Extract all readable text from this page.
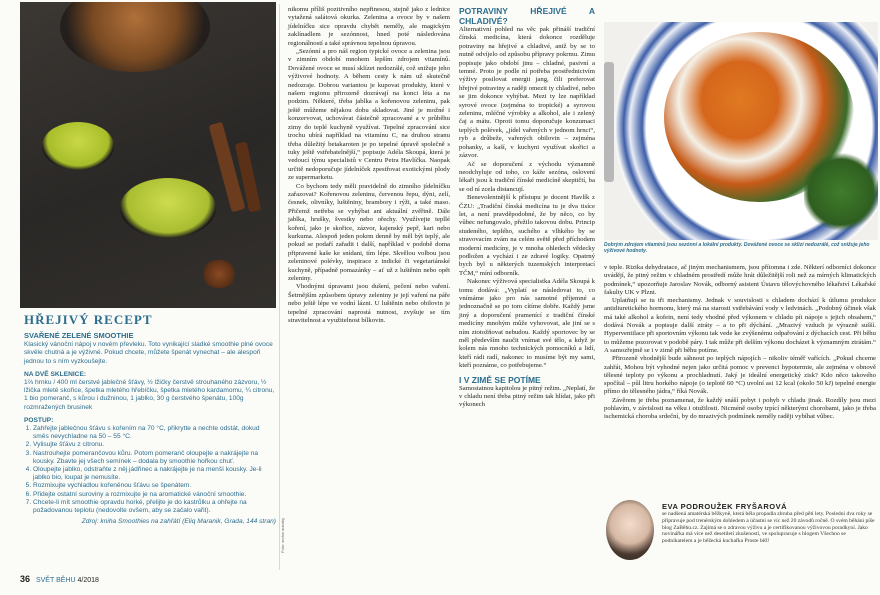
HŘEJIVÝ RECEPT
SVAŘENÉ ZELENÉ SMOOTHIE
Klasický vánoční nápoj v novém převleku. Toto vynikající sladké smoothie plné ovoce skvěle chutná a je výživné. Pokud chcete, můžete špenát vynechat – ale alespoň jednou to s ním vyzkoušejte.
NA DVĚ SKLENICE:
1⅔ hrnku / 400 ml čerstvé jablečné šťávy, ½ lžičky čerstvě strouhaného zázvoru, ½ lžička mleté skořice, špetka mletého hřebíčku, špetka mletého kardamomu, ¼ citronu, 1 bio pomeranč, s kůrou i dužninou, 1 jablko, 30 g čerstvého špenátu, 100g rozmražených brusinek
POSTUP:
1. Zahřejte jablečnou šťávu s kořením na 70 °C, přikrytte a nechte odstát, dokud směs nevychladne na 50 – 55 °C.
2. Vylisujte šťávu z citronu.
3. Nastrouhejte pomerančovou kůru. Potom pomeranč oloupejte a nakrájejte na kousky. Zbavte jej všech semínek – dodala by smoothie hořkou chuť.
4. Oloupejte jablko, odstraňte z něj jádřinec a nakrájejte je na menší kousky. Je-li jablko bio, loupat je nemusíte.
5. Rozmixujte vychladlou kořeněnou šťávu se špenátem.
6. Přidejte ostatní suroviny a rozmixujte je na aromatické vánoční smoothie.
7. Chcete-li mít smoothie opravdu horké, přelijte je do kastrůlku a ohřejte na požadovanou teplotu (nedovolte ovšem, aby se začalo vařit).
Zdroj: kniha Smoothies na zahřátí (Eliq Maranik, Grada, 144 stran) Foto: archiv autorky

nikomu příliš pozitivního nepřinesou, stejně jako z lednice vytažená salátová okurka. Zelenina a ovoce by v našem jídelníčku sice opravdu chybět neměly, ale magickým zaklínadlem je sezónnost, hned poté následována regionálností a také správnou tepelnou úpravou.

„Sezónní a pro náš region typické ovoce a zelenina jsou v zimním období mnohem lepším zdrojem vitamínů. Dovážené ovoce se musí sklízet nedozrálé, což snižuje jeho výživové hodnoty. A během cesty k nám už skutečně nedozraje. Dobrou variantou je kupovat produkty, které v našem regionu přirozeně dozrávají na konci léta a na podzim. Některé, třeba jablka a kořenovou zeleninu, pak ještě můžeme nějakou dobu skladovat. Jiné je možné i konzervovat, uchovávat částečně zpracované a v průběhu zimy do teplé kuchyně využívat. Tepelné zpracování sice trochu ubírá například na vitamínu C, na druhou stranu třeba důležitý betakaroten je po tepelné úpravě společně s tuky ještě vstřebatelnější,“ popisuje Adéla Skoupá, která je vedoucí týmu specialistů v Centru Petra Havlíčka. Naopak určitě nedoporučuje jídelníček zpestřovat exotickými plody ze supermarketu.

Co bychom tedy měli pravidelně do zimního jídelníčku zařazovat? Kořenovou zeleninu, červenou řepu, dýni, zelí, česnek, olivníky, luštěniny, brambory i rýži, a také maso. Přičemž netřeba se vyhýbat ani aktuální zvěřině. Dále jablka, hrušky, švestky nebo ořechy. Využívejte tepllé koření, jako je skořice, zázvor, kajenský pepř, kari nebo kurkuma. Alespoň jeden pokrm denně by měl být teplý, ale pokud se podaří zařadit i další, například v podobě doma připravené kaše ke snídani, tím lépe. Skvělou volbou jsou zeleninové polévky, inspirace z indické či vegetariánské kuchyně, případně pomazánky – ať už z luštěnin nebo opět zeleniny.

Vhodnými úpravami jsou dušení, pečení nebo vaření. Šetrnějším způsobem úpravy zeleniny je její vaření na páře nebo ještě lépe ve vodní lázni. U luštěnin nebo obilovin je tepelné zpracování naprostá nutnost, zvyšuje se tím stravitelnost a využitelnost bílkovin.

POTRAVINY HŘEJIVÉ A CHLADIVÉ?

Alternativní pohled na věc pak přináší tradiční čínská medicína, která dokonce rozděluje potraviny na hřejivé a chladivé, aniž by se to nutně odvíjelo od způsobu přípravy pokrmu. Zimu popisuje jako období jinu – chladné, pasivní a temné. Proto je podle ní potřeba prostřednictvím výživy posilovat energii jang, čili preferovat hřejivé potraviny a raději omezit ty chladivé, nebo se jim dokonce vyhýbat. Mezi ty lze například syrové ovoce (zejména to tropické) a syrovou zeleninu, mléčné výrobky a alkohol, ale i zelený čaj a mátu. Oproti tomu doporučuje konzumaci teplých polévek, „jídel vařených v jednom hrnci“, ryb a drůbeže, vařených obilovin – zejména pohanky, a kaší, v kuchyni využívat skořici a zázvor.

Ač se doporučení z východu významně neodchyluje od toho, co káže sezóna, oslovení lékaři jsou k tradiční čínské medicíně skeptičtí, ba se od ní zcela distancují.

Benevolentnější k přístupu je docent Havlík z ČZU: „Tradiční čínská medicína tu je dva tisíce let, a není pravděpodobné, že by něco, co by vůbec nefungovalo, přežilo takovou dobu. Princip studeného, teplého, suchého a vlhkého by se stravovacím zvám na celém světě před příchodem moderní medicíny, je v mnoha ohledech vědecky podložen a vychází i ze zdravé logiky. Opatrný bych byl u některých tuzemských interpretací TČM,“ míní odborník.

Nakonec výživová specialistka Adéla Skoupá k tomu dodává: „Vyplatí se následovat to, co vnímáme jako pro nás samotné příjemné a jednoznačně se po tom cítíme dobře. Každý jsme jiný a doporučení pramenící z tradiční čínské medicíny mnohým může vyhovovat, ale jiní se s ním ztotožňovat nebudou. Každý sportovec by se měl především naučit vnímat své tělo, a když je kolem nás mnoho technických pomocníků a lidí, kteří rádi radí, nakonec to musíme být my sami, kteří poznáme, co potřebujeme.“

I V ZIMĚ SE POTÍME

Samostatnou kapitolou je pitný režim. „Neplatí, že v chladu není třeba pitný režim tak hlídat, jako při výkonech

Dobrým zdrojem vitamínů jsou sezónní a lokální produkty. Dovážené ovoce se sklízí nedozrálé, což snižuje jeho výživové hodnoty.

v teple. Rizika dehydratace, ač jiným mechanismem, jsou přítomna i zde. Některí odborníci dokonce uvádějí, že pitný režim v chladném prostředí může hrát důležitější roli než za mírných klimatických podmínek,“ upozorňuje Jaroslav Novák, odborný asistent Ústavu tělovýchovného lékařství Lékařské fakulty UK v Plzni.

Uplatňují se tu tři mechanismy. Jednak v souvislosti s chladem dochází k útlumu produkce antidiuretického hormonu, který má na starosti vstřebávání vody v ledvinách. „Podobný účinek však má také alkohol a kofein, není tedy vhodné před výkonem v chladu pít nápoje s jejich obsahem,“ dodává Novák a popisuje další ztráty – a to při dýchání. „Mrazivý vzduch je výrazně sušší. Hyperventilace při sportovním výkonu tak vede ke zvýšenému odpařování z dýchacích cest. Při běhu to můžeme pozorovat v podobě páry. I tak může při delším výkonu docházet k významným ztrátám.“ A samozřejmě se i v zimě při běhu potíme.

Přirozeně vhodnější bude sáhnout po teplých nápojích – nikoliv téměř vařících. „Pokud chceme zahřát, Mohou být vyhodné nejen jako určitá pomoc v prevenci hypotermie, ale zejména v obnově tělesné teploty po výkonu a prochladnutí. Jaký je ideální energetický zisk? Kdo něco takového spočítal – půl litru horkého nápoje (o teplotě 60 °C) uvolní asi 12 kcal (okolo 50 kJ) tepelné energie přímo do tělesného jádra,“ říká Novák.

Závěrem je třeba poznamenat, že každý snáší pobyt i pohyb v chladu jinak. Rozdíly jsou mezi pohlavím, v závislosti na věku i otužilosti. Nicméně osoby trpící některými chorobami, jako je třeba ischemická choroba srdeční, by do mrazivých podmínek neměly raději vybíhat vůbec.

EVA PODROUŽEK FRYŠAROVÁ
se nadšená amatérská běžkyně, která běla propadla zhruba před pěti lety. Poslední dva roky se připravuje pod trenérským dohledem a účastní se víc než 20 závodů ročně. O svém běhání píše blog ZaBěhu.cz. Zajímá se o zdravou výživu a je certifikovanou výživovou poradkyní. Jako novinářka má více než desetiletí zkušeností, ve spolupracuje s blogem Všechno se podnikatelem a je běžecká kuchařka Proste běž!
36 SVĚT BĚHU 4/2018
